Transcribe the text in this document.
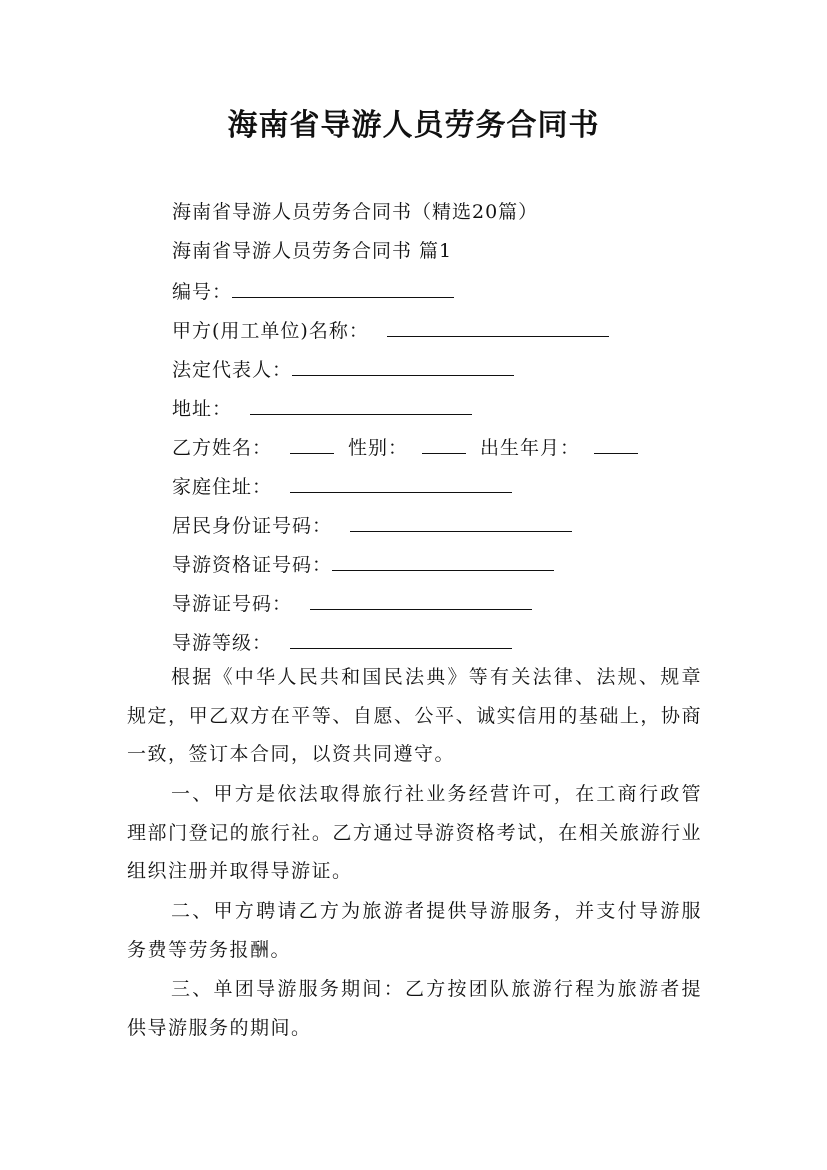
海南省导游人员劳务合同书
海南省导游人员劳务合同书（精选20篇）
海南省导游人员劳务合同书 篇1
编号：
甲方(用工单位)名称：
法定代表人：
地址：
乙方姓名：	性别：	出生年月：
家庭住址：
居民身份证号码：
导游资格证号码：
导游证号码：
导游等级：
根据《中华人民共和国民法典》等有关法律、法规、规章规定，甲乙双方在平等、自愿、公平、诚实信用的基础上，协商一致，签订本合同，以资共同遵守。
一、甲方是依法取得旅行社业务经营许可，在工商行政管理部门登记的旅行社。乙方通过导游资格考试，在相关旅游行业组织注册并取得导游证。
二、甲方聘请乙方为旅游者提供导游服务，并支付导游服务费等劳务报酬。
三、单团导游服务期间：乙方按团队旅游行程为旅游者提供导游服务的期间。
